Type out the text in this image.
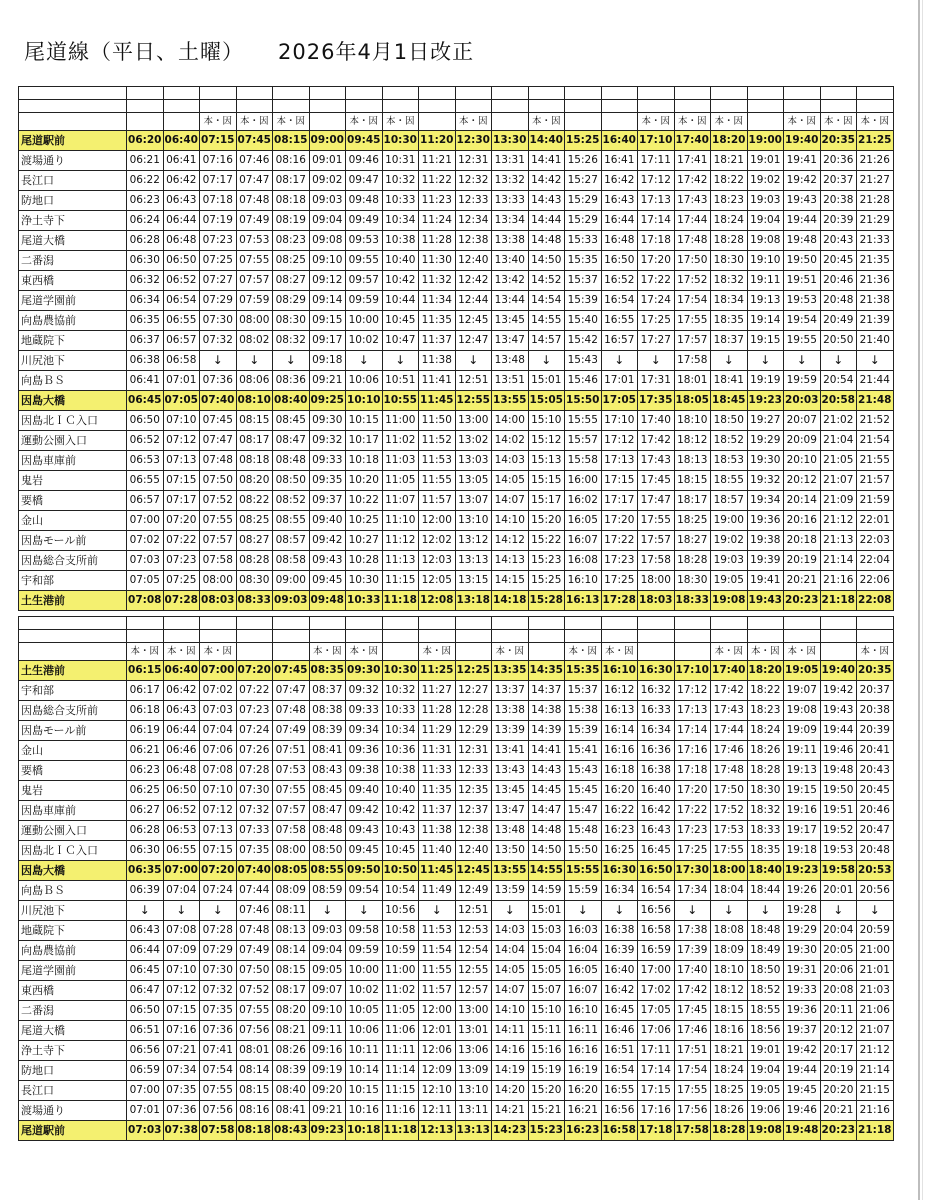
尾道線（平日、土曜） 2026年4月1日改正

			本・因	本・因	本・因		本・因	本・因		本・因		本・因			本・因	本・因	本・因		本・因	本・因	本・因
尾道駅前	06:20	06:40	07:15	07:45	08:15	09:00	09:45	10:30	11:20	12:30	13:30	14:40	15:25	16:40	17:10	17:40	18:20	19:00	19:40	20:35	21:25
渡場通り	06:21	06:41	07:16	07:46	08:16	09:01	09:46	10:31	11:21	12:31	13:31	14:41	15:26	16:41	17:11	17:41	18:21	19:01	19:41	20:36	21:26
長江口	06:22	06:42	07:17	07:47	08:17	09:02	09:47	10:32	11:22	12:32	13:32	14:42	15:27	16:42	17:12	17:42	18:22	19:02	19:42	20:37	21:27
防地口	06:23	06:43	07:18	07:48	08:18	09:03	09:48	10:33	11:23	12:33	13:33	14:43	15:29	16:43	17:13	17:43	18:23	19:03	19:43	20:38	21:28
浄土寺下	06:24	06:44	07:19	07:49	08:19	09:04	09:49	10:34	11:24	12:34	13:34	14:44	15:29	16:44	17:14	17:44	18:24	19:04	19:44	20:39	21:29
尾道大橋	06:28	06:48	07:23	07:53	08:23	09:08	09:53	10:38	11:28	12:38	13:38	14:48	15:33	16:48	17:18	17:48	18:28	19:08	19:48	20:43	21:33
二番潟	06:30	06:50	07:25	07:55	08:25	09:10	09:55	10:40	11:30	12:40	13:40	14:50	15:35	16:50	17:20	17:50	18:30	19:10	19:50	20:45	21:35
東西橋	06:32	06:52	07:27	07:57	08:27	09:12	09:57	10:42	11:32	12:42	13:42	14:52	15:37	16:52	17:22	17:52	18:32	19:11	19:51	20:46	21:36
尾道学園前	06:34	06:54	07:29	07:59	08:29	09:14	09:59	10:44	11:34	12:44	13:44	14:54	15:39	16:54	17:24	17:54	18:34	19:13	19:53	20:48	21:38
向島農協前	06:35	06:55	07:30	08:00	08:30	09:15	10:00	10:45	11:35	12:45	13:45	14:55	15:40	16:55	17:25	17:55	18:35	19:14	19:54	20:49	21:39
地蔵院下	06:37	06:57	07:32	08:02	08:32	09:17	10:02	10:47	11:37	12:47	13:47	14:57	15:42	16:57	17:27	17:57	18:37	19:15	19:55	20:50	21:40
川尻池下	06:38	06:58	↓	↓	↓	09:18	↓	↓	11:38	↓	13:48	↓	15:43	↓	↓	17:58	↓	↓	↓	↓	↓
向島ＢＳ	06:41	07:01	07:36	08:06	08:36	09:21	10:06	10:51	11:41	12:51	13:51	15:01	15:46	17:01	17:31	18:01	18:41	19:19	19:59	20:54	21:44
因島大橋	06:45	07:05	07:40	08:10	08:40	09:25	10:10	10:55	11:45	12:55	13:55	15:05	15:50	17:05	17:35	18:05	18:45	19:23	20:03	20:58	21:48
因島北ＩＣ入口	06:50	07:10	07:45	08:15	08:45	09:30	10:15	11:00	11:50	13:00	14:00	15:10	15:55	17:10	17:40	18:10	18:50	19:27	20:07	21:02	21:52
運動公園入口	06:52	07:12	07:47	08:17	08:47	09:32	10:17	11:02	11:52	13:02	14:02	15:12	15:57	17:12	17:42	18:12	18:52	19:29	20:09	21:04	21:54
因島車庫前	06:53	07:13	07:48	08:18	08:48	09:33	10:18	11:03	11:53	13:03	14:03	15:13	15:58	17:13	17:43	18:13	18:53	19:30	20:10	21:05	21:55
鬼岩	06:55	07:15	07:50	08:20	08:50	09:35	10:20	11:05	11:55	13:05	14:05	15:15	16:00	17:15	17:45	18:15	18:55	19:32	20:12	21:07	21:57
要橋	06:57	07:17	07:52	08:22	08:52	09:37	10:22	11:07	11:57	13:07	14:07	15:17	16:02	17:17	17:47	18:17	18:57	19:34	20:14	21:09	21:59
金山	07:00	07:20	07:55	08:25	08:55	09:40	10:25	11:10	12:00	13:10	14:10	15:20	16:05	17:20	17:55	18:25	19:00	19:36	20:16	21:12	22:01
因島モール前	07:02	07:22	07:57	08:27	08:57	09:42	10:27	11:12	12:02	13:12	14:12	15:22	16:07	17:22	17:57	18:27	19:02	19:38	20:18	21:13	22:03
因島総合支所前	07:03	07:23	07:58	08:28	08:58	09:43	10:28	11:13	12:03	13:13	14:13	15:23	16:08	17:23	17:58	18:28	19:03	19:39	20:19	21:14	22:04
宇和部	07:05	07:25	08:00	08:30	09:00	09:45	10:30	11:15	12:05	13:15	14:15	15:25	16:10	17:25	18:00	18:30	19:05	19:41	20:21	21:16	22:06
土生港前	07:08	07:28	08:03	08:33	09:03	09:48	10:33	11:18	12:08	13:18	14:18	15:28	16:13	17:28	18:03	18:33	19:08	19:43	20:23	21:18	22:08

	本・因	本・因	本・因			本・因	本・因		本・因		本・因		本・因	本・因			本・因	本・因	本・因		本・因
土生港前	06:15	06:40	07:00	07:20	07:45	08:35	09:30	10:30	11:25	12:25	13:35	14:35	15:35	16:10	16:30	17:10	17:40	18:20	19:05	19:40	20:35
宇和部	06:17	06:42	07:02	07:22	07:47	08:37	09:32	10:32	11:27	12:27	13:37	14:37	15:37	16:12	16:32	17:12	17:42	18:22	19:07	19:42	20:37
因島総合支所前	06:18	06:43	07:03	07:23	07:48	08:38	09:33	10:33	11:28	12:28	13:38	14:38	15:38	16:13	16:33	17:13	17:43	18:23	19:08	19:43	20:38
因島モール前	06:19	06:44	07:04	07:24	07:49	08:39	09:34	10:34	11:29	12:29	13:39	14:39	15:39	16:14	16:34	17:14	17:44	18:24	19:09	19:44	20:39
金山	06:21	06:46	07:06	07:26	07:51	08:41	09:36	10:36	11:31	12:31	13:41	14:41	15:41	16:16	16:36	17:16	17:46	18:26	19:11	19:46	20:41
要橋	06:23	06:48	07:08	07:28	07:53	08:43	09:38	10:38	11:33	12:33	13:43	14:43	15:43	16:18	16:38	17:18	17:48	18:28	19:13	19:48	20:43
鬼岩	06:25	06:50	07:10	07:30	07:55	08:45	09:40	10:40	11:35	12:35	13:45	14:45	15:45	16:20	16:40	17:20	17:50	18:30	19:15	19:50	20:45
因島車庫前	06:27	06:52	07:12	07:32	07:57	08:47	09:42	10:42	11:37	12:37	13:47	14:47	15:47	16:22	16:42	17:22	17:52	18:32	19:16	19:51	20:46
運動公園入口	06:28	06:53	07:13	07:33	07:58	08:48	09:43	10:43	11:38	12:38	13:48	14:48	15:48	16:23	16:43	17:23	17:53	18:33	19:17	19:52	20:47
因島北ＩＣ入口	06:30	06:55	07:15	07:35	08:00	08:50	09:45	10:45	11:40	12:40	13:50	14:50	15:50	16:25	16:45	17:25	17:55	18:35	19:18	19:53	20:48
因島大橋	06:35	07:00	07:20	07:40	08:05	08:55	09:50	10:50	11:45	12:45	13:55	14:55	15:55	16:30	16:50	17:30	18:00	18:40	19:23	19:58	20:53
向島ＢＳ	06:39	07:04	07:24	07:44	08:09	08:59	09:54	10:54	11:49	12:49	13:59	14:59	15:59	16:34	16:54	17:34	18:04	18:44	19:26	20:01	20:56
川尻池下	↓	↓	↓	07:46	08:11	↓	↓	10:56	↓	12:51	↓	15:01	↓	↓	16:56	↓	↓	↓	19:28	↓	↓
地蔵院下	06:43	07:08	07:28	07:48	08:13	09:03	09:58	10:58	11:53	12:53	14:03	15:03	16:03	16:38	16:58	17:38	18:08	18:48	19:29	20:04	20:59
向島農協前	06:44	07:09	07:29	07:49	08:14	09:04	09:59	10:59	11:54	12:54	14:04	15:04	16:04	16:39	16:59	17:39	18:09	18:49	19:30	20:05	21:00
尾道学園前	06:45	07:10	07:30	07:50	08:15	09:05	10:00	11:00	11:55	12:55	14:05	15:05	16:05	16:40	17:00	17:40	18:10	18:50	19:31	20:06	21:01
東西橋	06:47	07:12	07:32	07:52	08:17	09:07	10:02	11:02	11:57	12:57	14:07	15:07	16:07	16:42	17:02	17:42	18:12	18:52	19:33	20:08	21:03
二番潟	06:50	07:15	07:35	07:55	08:20	09:10	10:05	11:05	12:00	13:00	14:10	15:10	16:10	16:45	17:05	17:45	18:15	18:55	19:36	20:11	21:06
尾道大橋	06:51	07:16	07:36	07:56	08:21	09:11	10:06	11:06	12:01	13:01	14:11	15:11	16:11	16:46	17:06	17:46	18:16	18:56	19:37	20:12	21:07
浄土寺下	06:56	07:21	07:41	08:01	08:26	09:16	10:11	11:11	12:06	13:06	14:16	15:16	16:16	16:51	17:11	17:51	18:21	19:01	19:42	20:17	21:12
防地口	06:59	07:34	07:54	08:14	08:39	09:19	10:14	11:14	12:09	13:09	14:19	15:19	16:19	16:54	17:14	17:54	18:24	19:04	19:44	20:19	21:14
長江口	07:00	07:35	07:55	08:15	08:40	09:20	10:15	11:15	12:10	13:10	14:20	15:20	16:20	16:55	17:15	17:55	18:25	19:05	19:45	20:20	21:15
渡場通り	07:01	07:36	07:56	08:16	08:41	09:21	10:16	11:16	12:11	13:11	14:21	15:21	16:21	16:56	17:16	17:56	18:26	19:06	19:46	20:21	21:16
尾道駅前	07:03	07:38	07:58	08:18	08:43	09:23	10:18	11:18	12:13	13:13	14:23	15:23	16:23	16:58	17:18	17:58	18:28	19:08	19:48	20:23	21:18
